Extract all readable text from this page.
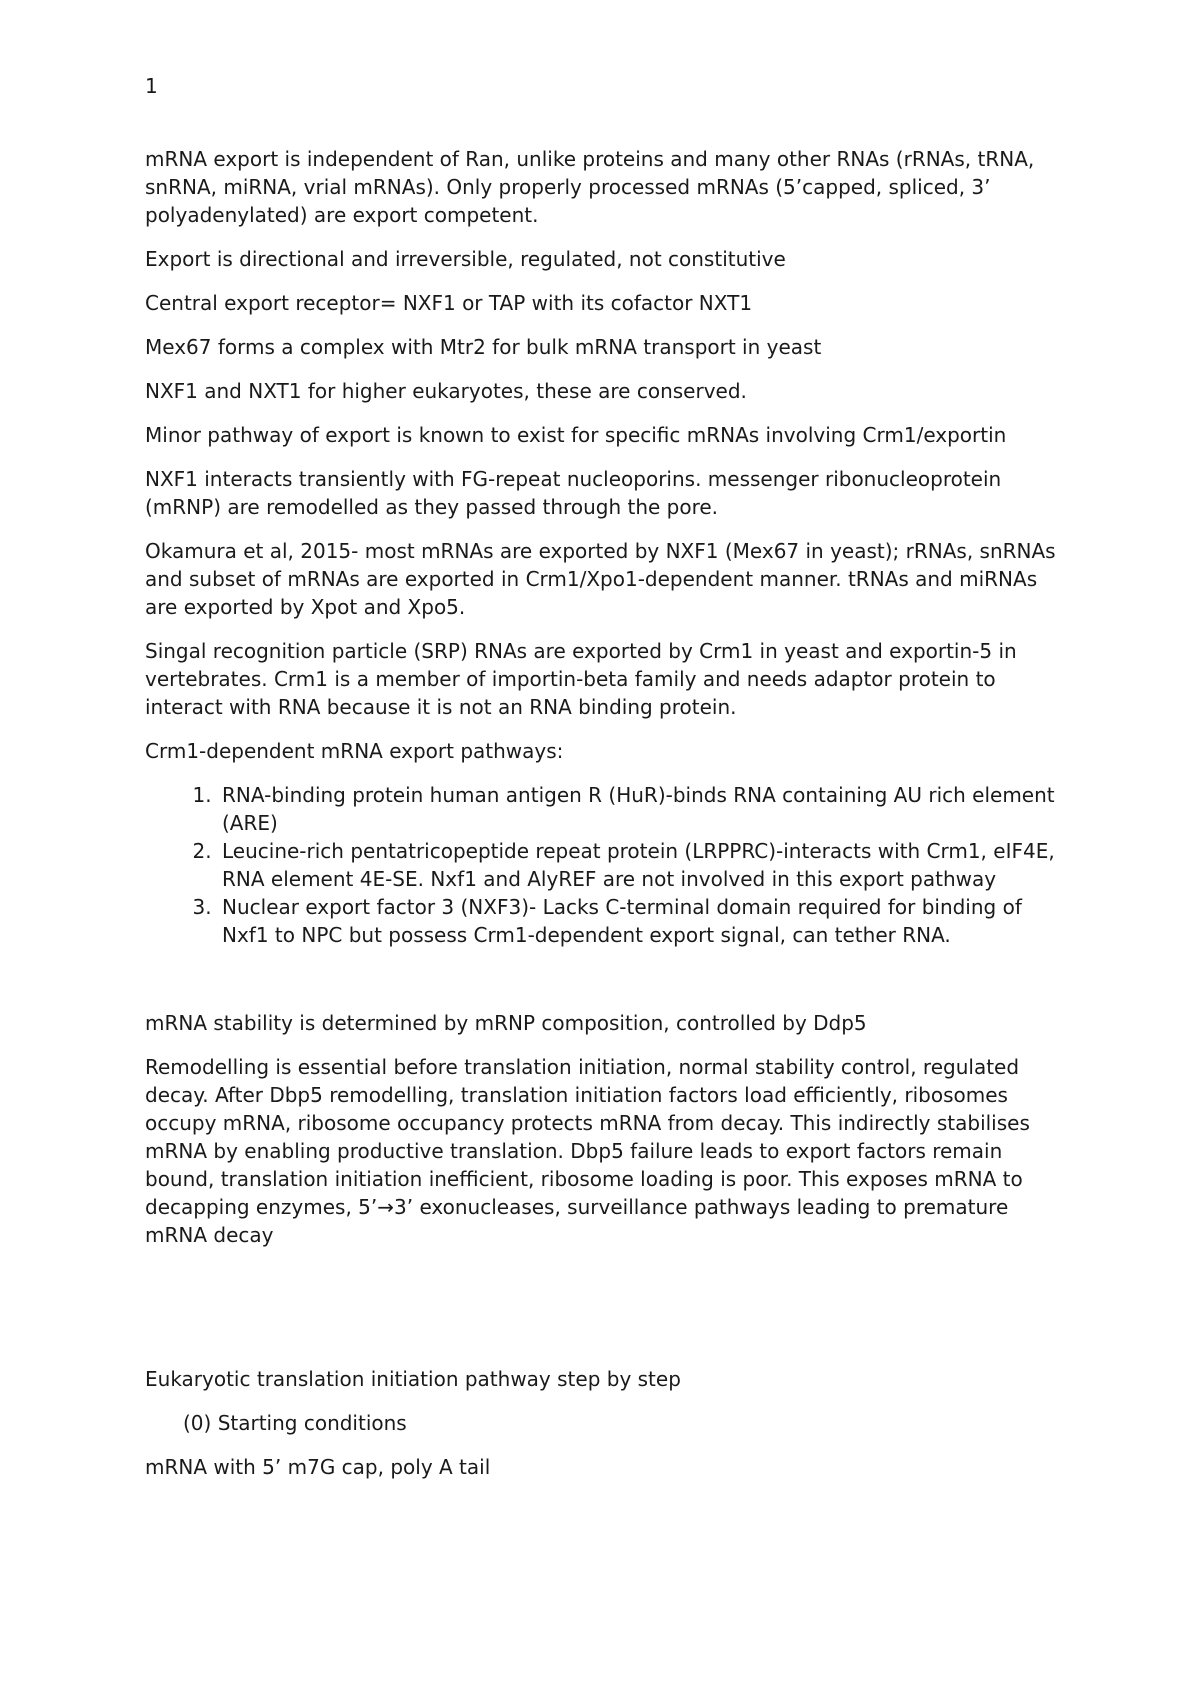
1

mRNA export is independent of Ran, unlike proteins and many other RNAs (rRNAs, tRNA, snRNA, miRNA, vrial mRNAs). Only properly processed mRNAs (5’capped, spliced, 3’ polyadenylated) are export competent.

Export is directional and irreversible, regulated, not constitutive

Central export receptor= NXF1 or TAP with its cofactor NXT1

Mex67 forms a complex with Mtr2 for bulk mRNA transport in yeast

NXF1 and NXT1 for higher eukaryotes, these are conserved.

Minor pathway of export is known to exist for specific mRNAs involving Crm1/exportin

NXF1 interacts transiently with FG-repeat nucleoporins. messenger ribonucleoprotein (mRNP) are remodelled as they passed through the pore.

Okamura et al, 2015- most mRNAs are exported by NXF1 (Mex67 in yeast); rRNAs, snRNAs and subset of mRNAs are exported in Crm1/Xpo1-dependent manner. tRNAs and miRNAs are exported by Xpot and Xpo5.

Singal recognition particle (SRP) RNAs are exported by Crm1 in yeast and exportin-5 in vertebrates. Crm1 is a member of importin-beta family and needs adaptor protein to interact with RNA because it is not an RNA binding protein.

Crm1-dependent mRNA export pathways:

1. RNA-binding protein human antigen R (HuR)-binds RNA containing AU rich element (ARE)
2. Leucine-rich pentatricopeptide repeat protein (LRPPRC)-interacts with Crm1, eIF4E, RNA element 4E-SE. Nxf1 and AlyREF are not involved in this export pathway
3. Nuclear export factor 3 (NXF3)- Lacks C-terminal domain required for binding of Nxf1 to NPC but possess Crm1-dependent export signal, can tether RNA.

mRNA stability is determined by mRNP composition, controlled by Ddp5

Remodelling is essential before translation initiation, normal stability control, regulated decay. After Dbp5 remodelling, translation initiation factors load efficiently, ribosomes occupy mRNA, ribosome occupancy protects mRNA from decay. This indirectly stabilises mRNA by enabling productive translation. Dbp5 failure leads to export factors remain bound, translation initiation inefficient, ribosome loading is poor. This exposes mRNA to decapping enzymes, 5’→3’ exonucleases, surveillance pathways leading to premature mRNA decay

Eukaryotic translation initiation pathway step by step

(0) Starting conditions

mRNA with 5’ m7G cap, poly A tail
